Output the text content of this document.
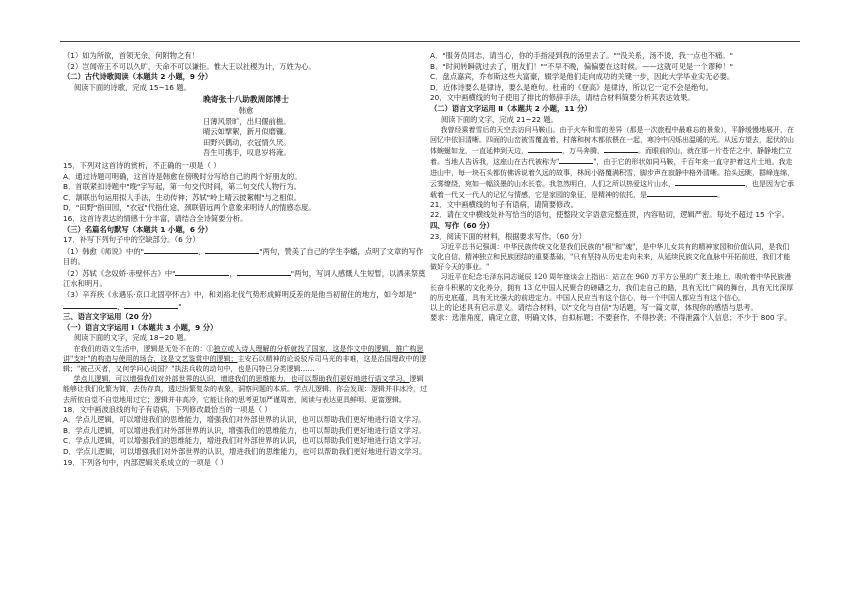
（1）如为所欲，首领无余，何附物之有！

（2）岂闻帝王不可以久旷，天命不可以谦拒。惟大王以社稷为计，万姓为心。

（二）古代诗歌阅读（本题共 2 小题，9 分）

阅读下面的诗歌，完成 15~16 题。

晚寄张十八助教周郎博士

韩愈

日薄风景旷，出归偃前檐。

晴云如擘絮，新月似磨镰。

田野兴偶动，衣冠情久厌。

吾生可携手，叹息岁将淹。

15．下列对这首诗的赏析，不正确的一项是（ ）

A．通过诗题可明确，这首诗是韩愈在傍晚时分写给自己的两个好朋友的。

B．首联紧扣诗题中"晚"字写起，第一句交代时间，第二句交代人物行为。

C．颔联出句运用拟人手法，生动传神；苏轼"岭上晴云披絮帽"与之相似。

D．"田野"指田园，"衣冠"代指仕途，颈联借远两个意象来明诗人的情感态度。

16．这首诗表达的情感十分丰富，请结合全诗简要分析。

（三）名篇名句默写（本题共 1 小题，6 分）

17．补写下列句子中的空缺部分。（6 分）

（1）韩愈《师说》中的"	，	"两句，赞美了自己的学生李蟠，点明了文章的写作目的。

（2）苏轼《念奴娇·赤壁怀古》中"	，	"两句，写词人感慨人生短暂，以洒来祭奠江水和明月。

（3）辛弃疾《永遇乐·京口北固亭怀古》中，和刘裕北伐气势形成鲜明反差的是他当初留住的地方，如今却是"，	"

三、语言文字运用（20 分）

（一）语言文字运用 Ⅰ（本题共 3 小题，9 分）

阅读下面的文字，完成 18~20 题。

在我们的语文生活中，逻辑是无处不在的：①独立或入诗人理解的分析就找了国家，这是作文中的逻辑，推广构思讲"支叶"的构造与使用的场合，这是文艺鉴赏中的逻辑；主安石以精神的论说驳斥司马光的非难，这是治国理政中的逻辑；"被己灭者，又何学问心说国？"执法兵收的动句中，也是闪特已分类逻辑……

学点儿逻辑，可以增强我们对外部世界的认识，增进我们的思维能力，也可以帮助我们更好地进行语文学习。逻辑能够让我们化繁为简，去伪存真，透过纷繁复杂的表象，洞察问题的本质。学点儿逻辑，你会发现：逻辑并非冰冷，过去所依自觉不自觉地用过它；逻辑并非高冷，它能让你的思考更加严谨周密，阅读与表达更具鲜明、更富逻辑。

18．文中画波浪线的句子有语病，下列修改最恰当的一项是（ ）

A．学点儿逻辑，可以增进我们的思维能力，增强我们对外部世界的认识，也可以帮助我们更好地进行语文学习。

B．学点儿逻辑，可以增进我们对外部世界的认识，增强我们的思维能力，也可以帮助我们更好地进行语文学习。

C．学点儿逻辑，可以增强我们的思维能力，增进我们对外部世界的认识，也可以帮助我们更好地进行语文学习。

D．学点儿逻辑，可以增强我们对外部世界的认识，增进我们的思维能力，也可以帮助我们更好地进行语文学习。

19．下列各句中，内部逻辑关系成立的一项是（ ）

A．"服务员同志，请当心，你的手指浸到我的汤里去了。""没关系，汤不烫，我一点也不痛。"

B．"时间转瞬就过去了，朋友们！""不早不晚，偏偏要在这时候。——这就可见是一个谬种！"

C．盘点嘉宾，乔布斯这些大富豪，辍学是他们走向成功的关键一步，因此大学毕业实无必要。

D．近体诗要么是律诗，要么是绝句。杜甫的《登高》是律诗，所以它一定不会是绝句。

20．文中画横线的句子使用了排比的修辞手法，请结合材料简要分析其表达效果。

（二）语言文字运用 Ⅱ（本题共 2 小题，11 分）

阅读下面的文字，完成 21~22 题。

我曾经乘着雪后的天空去访问马鞍山。由于火车和雪的差异（那是一次旅程中最难忘的景象），平静缓慢地展开，在回忆中依旧清晰。四面的山峦被雪覆盖着，村落和树木都依偎在一起，寒冷中闪烁出温暖的光。从远方望去，起伏的山体蜿蜒如龙，一直延伸到天边，	，万马奔腾，	。而眼前的山，就在那一片苍茫之中，静静地伫立着。当地人告诉我，这座山在古代被称为"	"，由于它的形状如同马鞍，千百年来一直守护着这片土地。我走进山中，每一块石头都仿佛诉说着久远的故事，林间小路覆满积雪，脚步声在寂静中格外清晰。抬头远眺，群峰连绵，云雾缭绕，宛如一幅淡墨的山水长卷。我忽然明白，人们之所以热爱这片山水，	，也是因为它承载着一代又一代人的记忆与情感，它是家园的象征，是精神的依托，是	。

21．文中画横线的句子有语病，请简要修改。

22．请在文中横线处补写恰当的语句，使整段文字语意完整连贯，内容贴切，逻辑严密。每处不超过 15 个字。

四、写作（60 分）

23．阅读下面的材料，根据要求写作。（60 分）

习近平总书记强调：中华民族传统文化是我们民族的"根"和"魂"，是中华儿女共有的精神家园和价值认同，是我们文化自信、精神独立和民族团结的重要基础，"只有坚持从历史走向未来，从延续民族文化血脉中开拓前进，我们才能做好今天的事业。"

习近平在纪念毛泽东同志诞辰 120 周年座谈会上指出：站立在 960 万平方公里的广袤土地上，吸吮着中华民族漫长奋斗积累的文化养分，拥有 13 亿中国人民聚合的磅礴之力，我们走自己的路，具有无比广阔的舞台，具有无比深厚的历史底蕴，具有无比强大的前进定力。中国人民应当有这个信心，每一个中国人都应当有这个信心。

以上的论述具有启示意义。请结合材料，以"文化与自信"为话题，写一篇文章，体现你的感悟与思考。

要求：选准角度，确定立意，明确文体，自拟标题；不要套作，不得抄袭；不得泄露个人信息；不少于 800 字。
